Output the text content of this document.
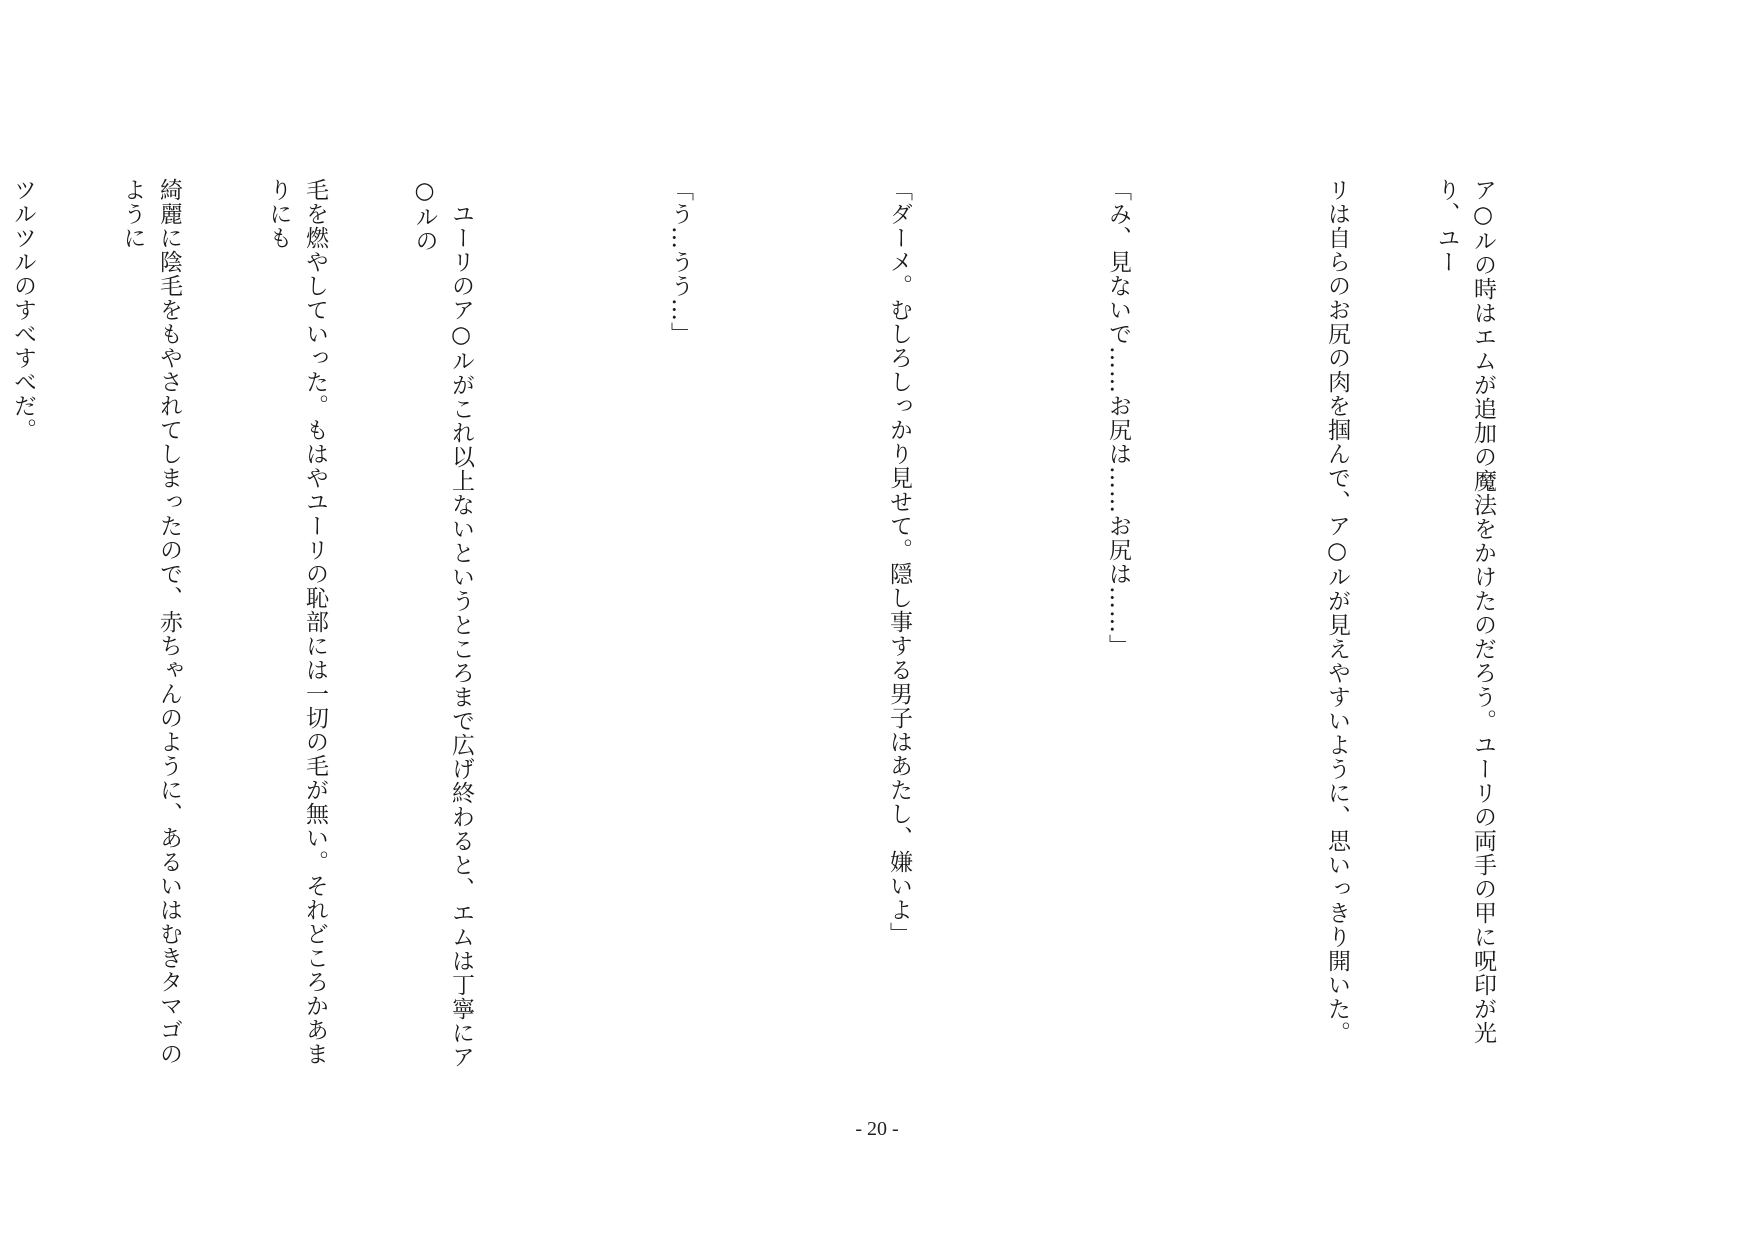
ア○ルの時はエムが追加の魔法をかけたのだろう。ユーリの両手の甲に呪印が光り、ユー

リは自らのお尻の肉を掴んで、ア○ルが見えやすいように、思いっきり開いた。

「み、見ないで……お尻は……お尻は……」

「ダーメ。むしろしっかり見せて。隠し事する男子はあたし、嫌いよ」

「う…うう…」

　ユーリのア○ルがこれ以上ないというところまで広げ終わると、エムは丁寧にア○ルの

毛を燃やしていった。もはやユーリの恥部には一切の毛が無い。それどころかあまりにも

綺麗に陰毛をもやされてしまったので、赤ちゃんのように、あるいはむきタマゴのように

ツルツルのすべすべだ。

- 20 -
